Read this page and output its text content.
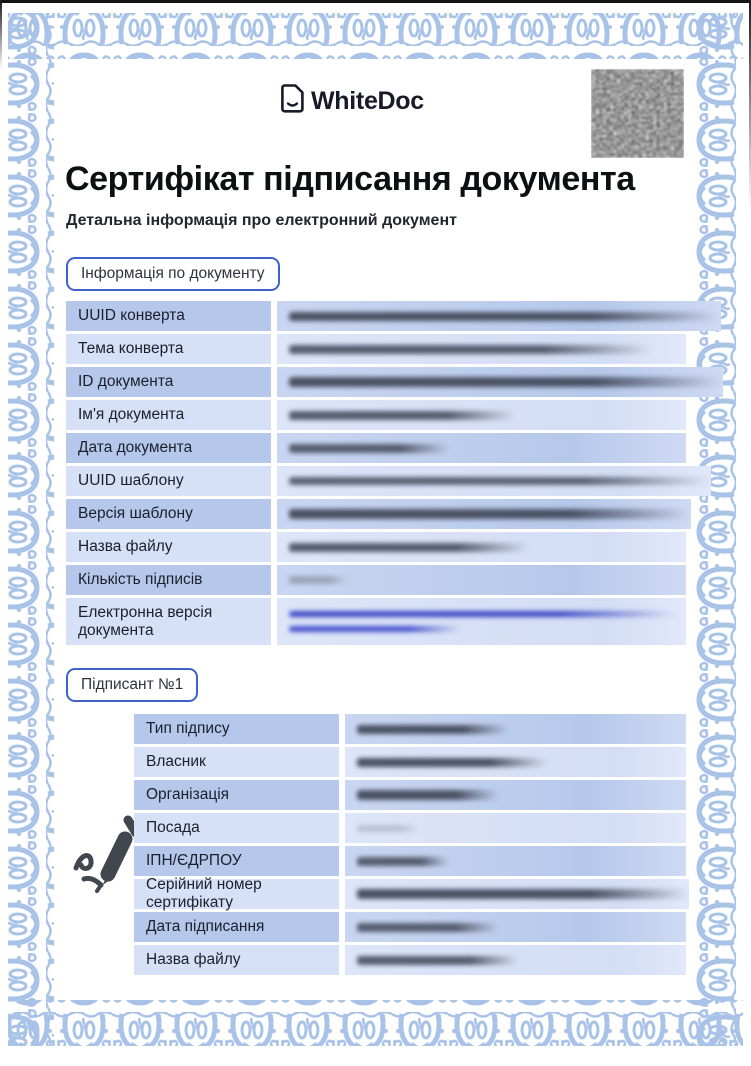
WhiteDoc
Сертифікат підписання документа

Детальна інформація про електронний документ

Інформація по документу
UUID конверта
Тема конверта
ID документа
Ім'я документа
Дата документа
UUID шаблону
Версія шаблону
Назва файлу
Кількість підписів
Електронна версія документа
Підписант №1
Тип підпису
Власник
Організація
Посада
ІПН/ЄДРПОУ
Серійний номер сертифікату
Дата підписання
Назва файлу
